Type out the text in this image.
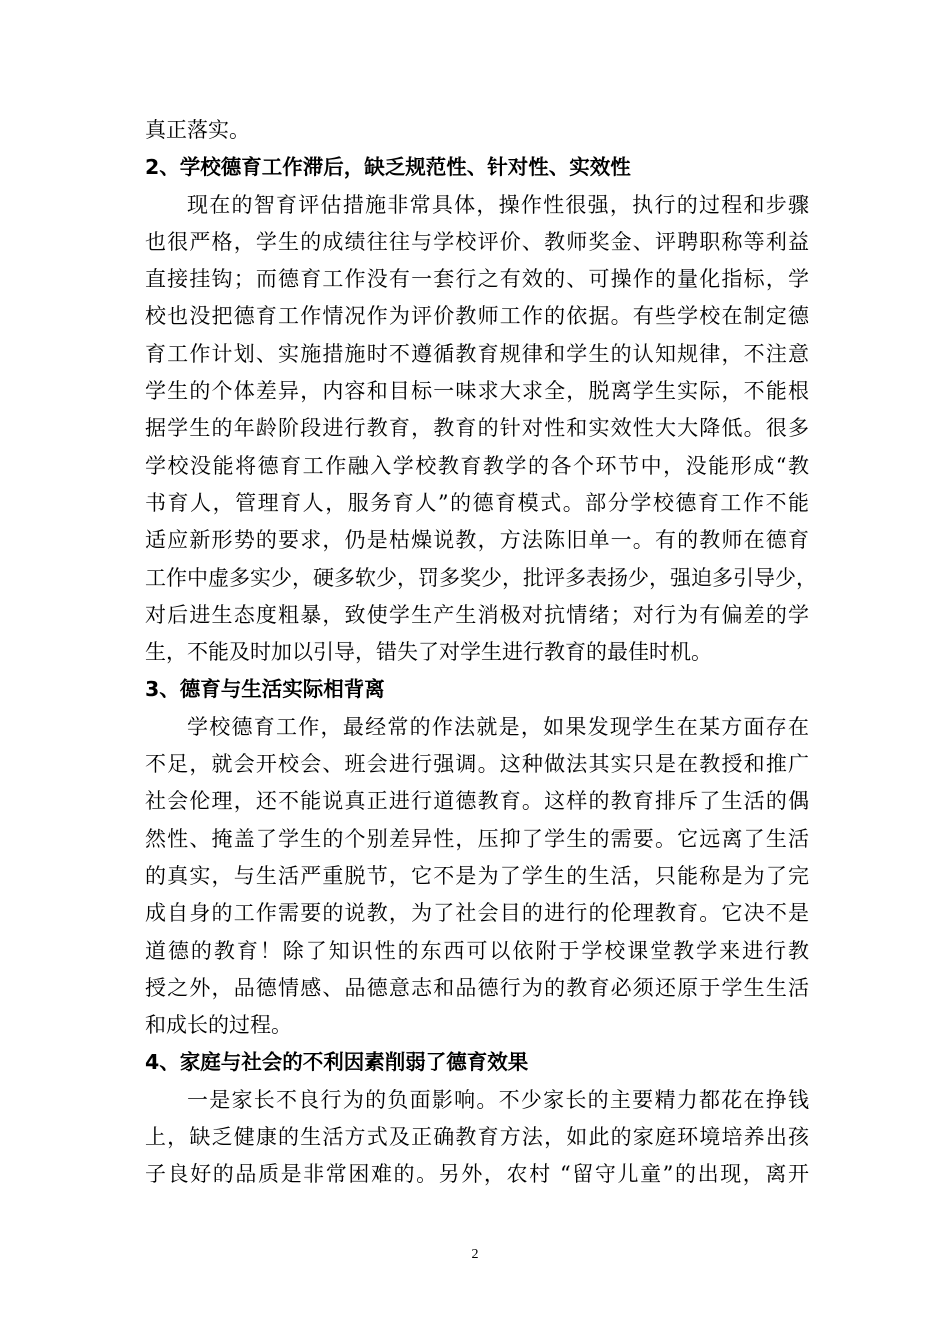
真正落实。
2、学校德育工作滞后，缺乏规范性、针对性、实效性
现在的智育评估措施非常具体，操作性很强，执行的过程和步骤
也很严格，学生的成绩往往与学校评价、教师奖金、评聘职称等利益
直接挂钩；而德育工作没有一套行之有效的、可操作的量化指标，学
校也没把德育工作情况作为评价教师工作的依据。有些学校在制定德
育工作计划、实施措施时不遵循教育规律和学生的认知规律，不注意
学生的个体差异，内容和目标一味求大求全，脱离学生实际，不能根
据学生的年龄阶段进行教育，教育的针对性和实效性大大降低。很多
学校没能将德育工作融入学校教育教学的各个环节中，没能形成“教
书育人，管理育人，服务育人”的德育模式。部分学校德育工作不能
适应新形势的要求，仍是枯燥说教，方法陈旧单一。有的教师在德育
工作中虚多实少，硬多软少，罚多奖少，批评多表扬少，强迫多引导少，
对后进生态度粗暴，致使学生产生消极对抗情绪；对行为有偏差的学
生，不能及时加以引导，错失了对学生进行教育的最佳时机。
3、德育与生活实际相背离
学校德育工作，最经常的作法就是，如果发现学生在某方面存在
不足，就会开校会、班会进行强调。这种做法其实只是在教授和推广
社会伦理，还不能说真正进行道德教育。这样的教育排斥了生活的偶
然性、掩盖了学生的个别差异性，压抑了学生的需要。它远离了生活
的真实，与生活严重脱节，它不是为了学生的生活，只能称是为了完
成自身的工作需要的说教，为了社会目的进行的伦理教育。它决不是
道德的教育！除了知识性的东西可以依附于学校课堂教学来进行教
授之外，品德情感、品德意志和品德行为的教育必须还原于学生生活
和成长的过程。
4、家庭与社会的不利因素削弱了德育效果
一是家长不良行为的负面影响。不少家长的主要精力都花在挣钱
上，缺乏健康的生活方式及正确教育方法，如此的家庭环境培养出孩
子良好的品质是非常困难的。另外，农村 “留守儿童”的出现，离开
2
